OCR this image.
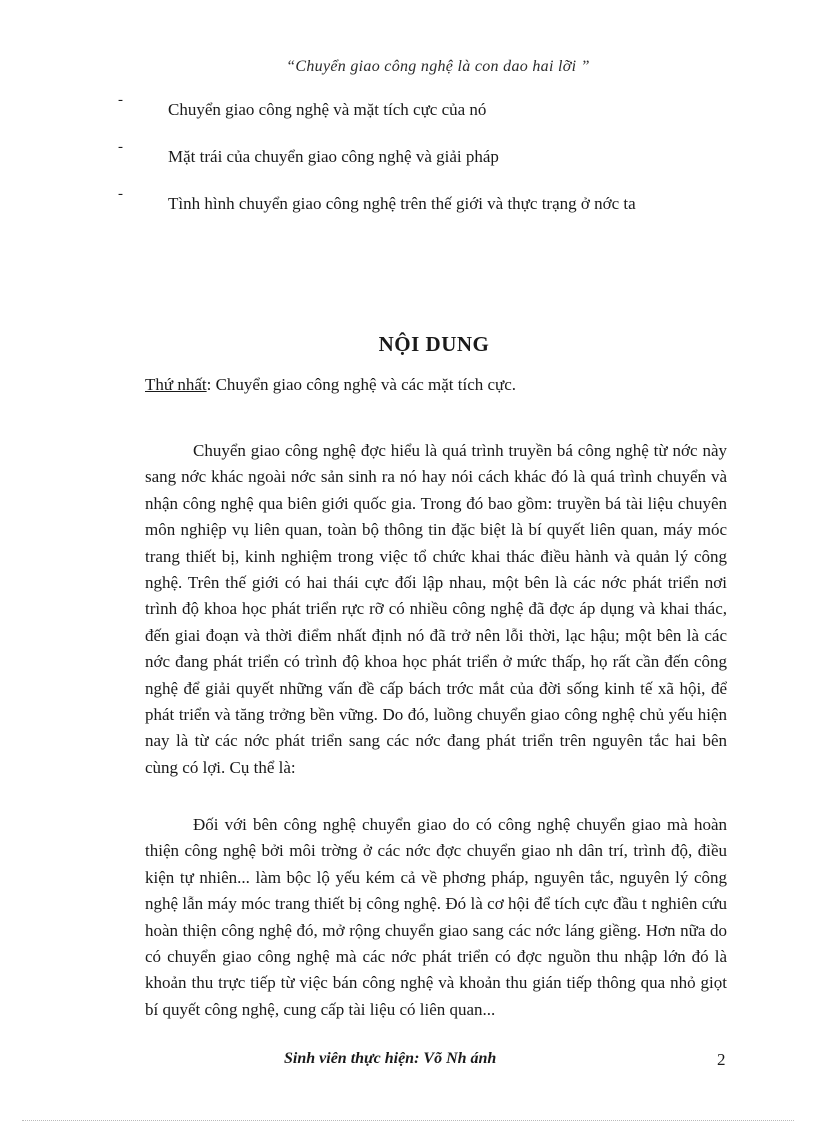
“Chuyển giao công nghệ là con dao hai lỡi ”
-	Chuyển giao công nghệ và mặt tích cực của nó
-	Mặt trái của chuyển giao công nghệ và giải pháp
-	Tình hình chuyển giao công nghệ trên thế giới và thực trạng ở nớc ta
NỘI DUNG
Thứ nhất: Chuyển giao công nghệ và các mặt tích cực.

Chuyển giao công nghệ đợc hiểu là quá trình truyền bá công nghệ từ nớc này sang nớc khác ngoài nớc sản sinh ra nó hay nói cách khác đó là quá trình chuyển và nhận công nghệ qua biên giới quốc gia. Trong đó bao gồm: truyền bá tài liệu chuyên môn nghiệp vụ liên quan, toàn bộ thông tin đặc biệt là bí quyết liên quan, máy móc trang thiết bị, kinh nghiệm trong việc tổ chức khai thác điều hành và quản lý công nghệ. Trên thế giới có hai thái cực đối lập nhau, một bên là các nớc phát triển nơi trình độ khoa học phát triển rực rỡ có nhiều công nghệ đã đợc áp dụng và khai thác, đến giai đoạn và thời điểm nhất định nó đã trở nên lỗi thời, lạc hậu; một bên là các nớc đang phát triển có trình độ khoa học phát triển ở mức thấp, họ rất cần đến công nghệ để giải quyết những vấn đề cấp bách trớc mắt của đời sống kinh tế xã hội, để phát triển và tăng trởng bền vững. Do đó, luồng chuyển giao công nghệ chủ yếu hiện nay là từ các nớc phát triển sang các nớc đang phát triển trên nguyên tắc hai bên cùng có lợi. Cụ thể là:

Đối với bên công nghệ chuyển giao do có công nghệ chuyển giao mà hoàn thiện công nghệ bởi môi trờng ở các nớc đợc chuyển giao nh dân trí, trình độ, điều kiện tự nhiên... làm bộc lộ yếu kém cả về phơng pháp, nguyên tắc, nguyên lý công nghệ lẫn máy móc trang thiết bị công nghệ. Đó là cơ hội để tích cực đầu t nghiên cứu hoàn thiện công nghệ đó, mở rộng chuyển giao sang các nớc láng giềng. Hơn nữa do có chuyển giao công nghệ mà các nớc phát triển có đợc nguồn thu nhập lớn đó là khoản thu trực tiếp từ việc bán công nghệ và khoản thu gián tiếp thông qua nhỏ giọt bí quyết công nghệ, cung cấp tài liệu có liên quan...

Sinh viên thực hiện: Võ Nh ánh	2
